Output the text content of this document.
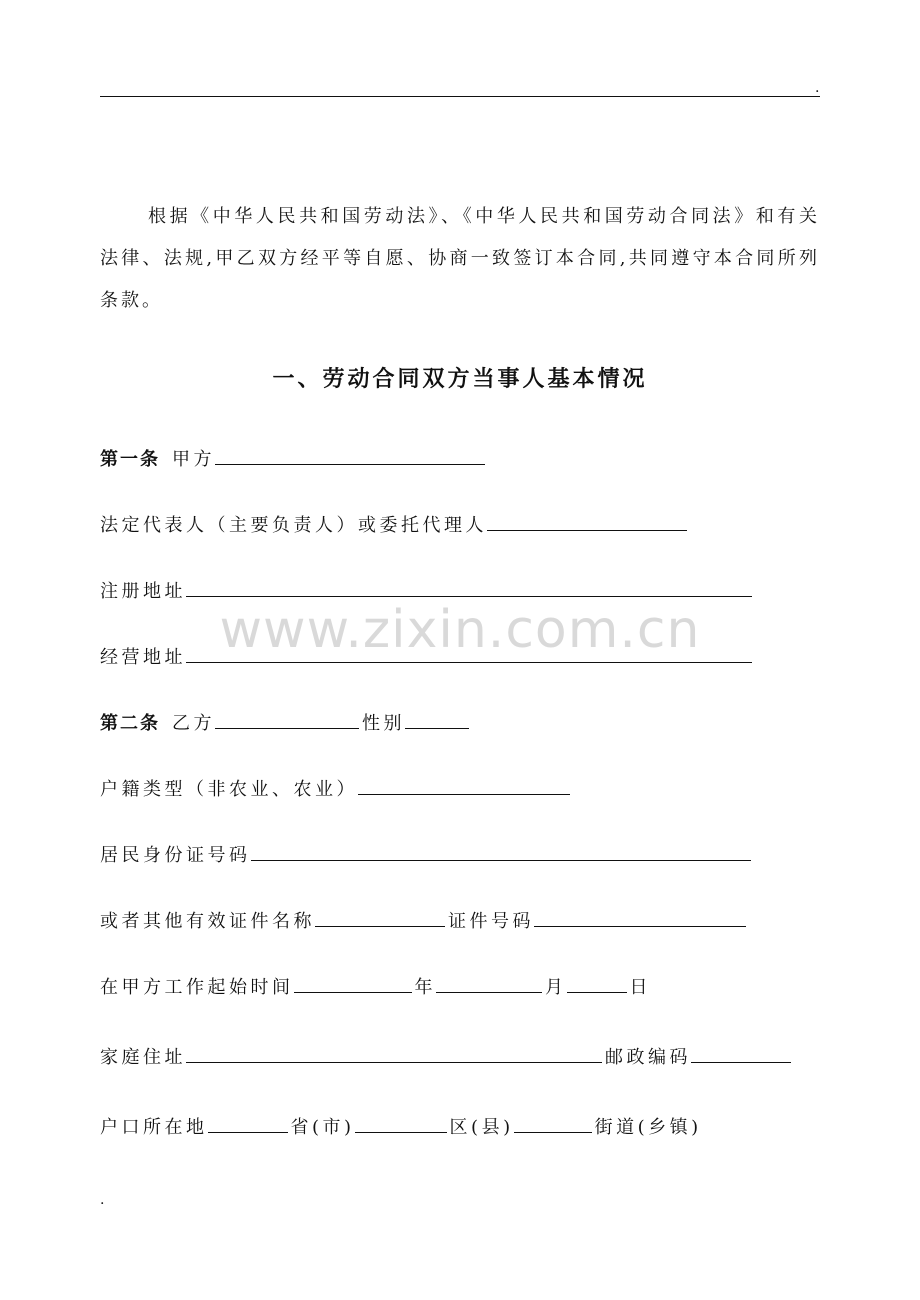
.
www.zixin.com.cn

根据《中华人民共和国劳动法》、《中华人民共和国劳动合同法》和有关法律、法规,甲乙双方经平等自愿、协商一致签订本合同,共同遵守本合同所列条款。

一、劳动合同双方当事人基本情况
第一条 甲方
法定代表人（主要负责人）或委托代理人
注册地址
经营地址
第二条 乙方	性别
户籍类型（非农业、农业）
居民身份证号码
或者其他有效证件名称	证件号码
在甲方工作起始时间	年	月	日
家庭住址	邮政编码
户口所在地	省(市)	区(县)	街道(乡镇)
.
